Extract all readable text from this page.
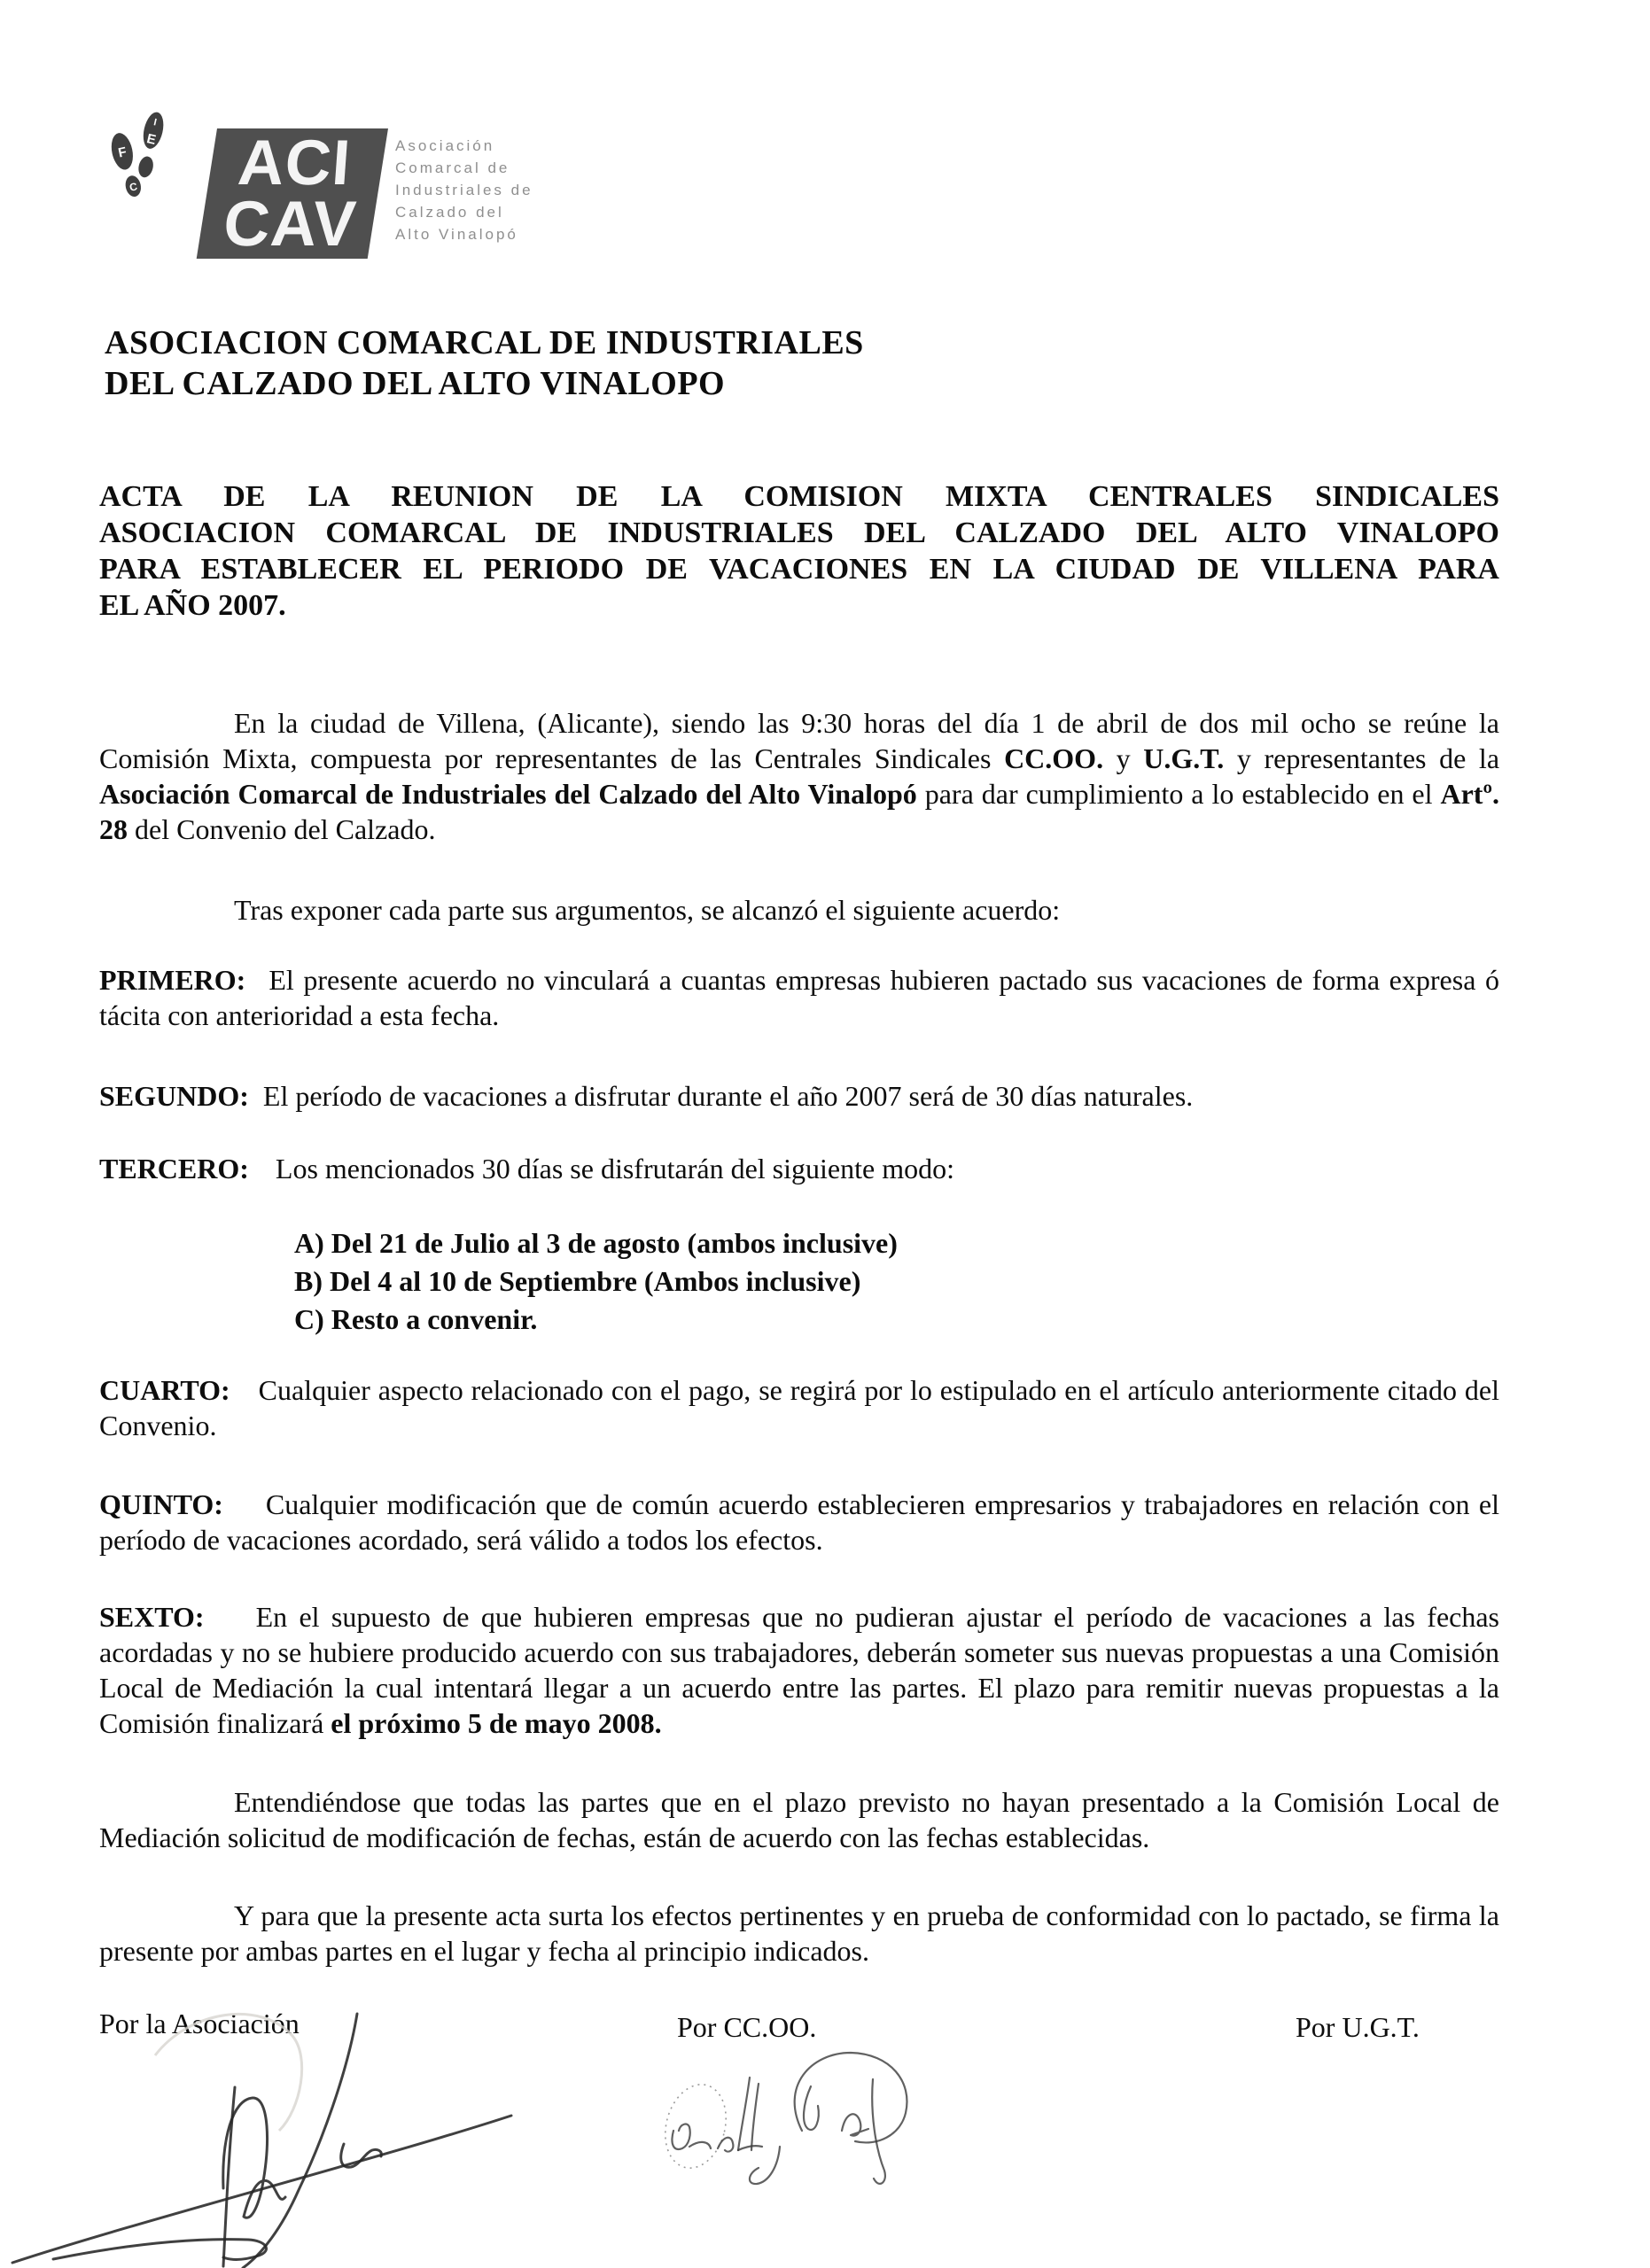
F
C
I
E ACI
CAV
Asociación
Comarcal de
Industriales de
Calzado del
Alto Vinalopó
ASOCIACION COMARCAL DE INDUSTRIALES
DEL CALZADO DEL ALTO VINALOPO
ACTA DE LA REUNION DE LA COMISION MIXTA CENTRALES SINDICALES
ASOCIACION COMARCAL DE INDUSTRIALES DEL CALZADO DEL ALTO VINALOPO
PARA ESTABLECER EL PERIODO DE VACACIONES EN LA CIUDAD DE VILLENA PARA
EL AÑO 2007.

En la ciudad de Villena, (Alicante), siendo las 9:30 horas del día 1 de abril de dos mil ocho se reúne la Comisión Mixta, compuesta por representantes de las Centrales Sindicales CC.OO. y U.G.T. y representantes de la Asociación Comarcal de Industriales del Calzado del Alto Vinalopó para dar cumplimiento a lo establecido en el Artº. 28 del Convenio del Calzado.

Tras exponer cada parte sus argumentos, se alcanzó el siguiente acuerdo:

PRIMERO: El presente acuerdo no vinculará a cuantas empresas hubieren pactado sus vacaciones de forma expresa ó tácita con anterioridad a esta fecha.

SEGUNDO: El período de vacaciones a disfrutar durante el año 2007 será de 30 días naturales.

TERCERO: Los mencionados 30 días se disfrutarán del siguiente modo:

A) Del 21 de Julio al 3 de agosto (ambos inclusive)
B) Del 4 al 10 de Septiembre (Ambos inclusive)
C) Resto a convenir.

CUARTO: Cualquier aspecto relacionado con el pago, se regirá por lo estipulado en el artículo anteriormente citado del Convenio.

QUINTO: Cualquier modificación que de común acuerdo establecieren empresarios y trabajadores en relación con el período de vacaciones acordado, será válido a todos los efectos.

SEXTO: En el supuesto de que hubieren empresas que no pudieran ajustar el período de vacaciones a las fechas acordadas y no se hubiere producido acuerdo con sus trabajadores, deberán someter sus nuevas propuestas a una Comisión Local de Mediación la cual intentará llegar a un acuerdo entre las partes. El plazo para remitir nuevas propuestas a la Comisión finalizará el próximo 5 de mayo 2008.

Entendiéndose que todas las partes que en el plazo previsto no hayan presentado a la Comisión Local de Mediación solicitud de modificación de fechas, están de acuerdo con las fechas establecidas.

Y para que la presente acta surta los efectos pertinentes y en prueba de conformidad con lo pactado, se firma la presente por ambas partes en el lugar y fecha al principio indicados.

Por la Asociación	Por CC.OO.	Por U.G.T.
